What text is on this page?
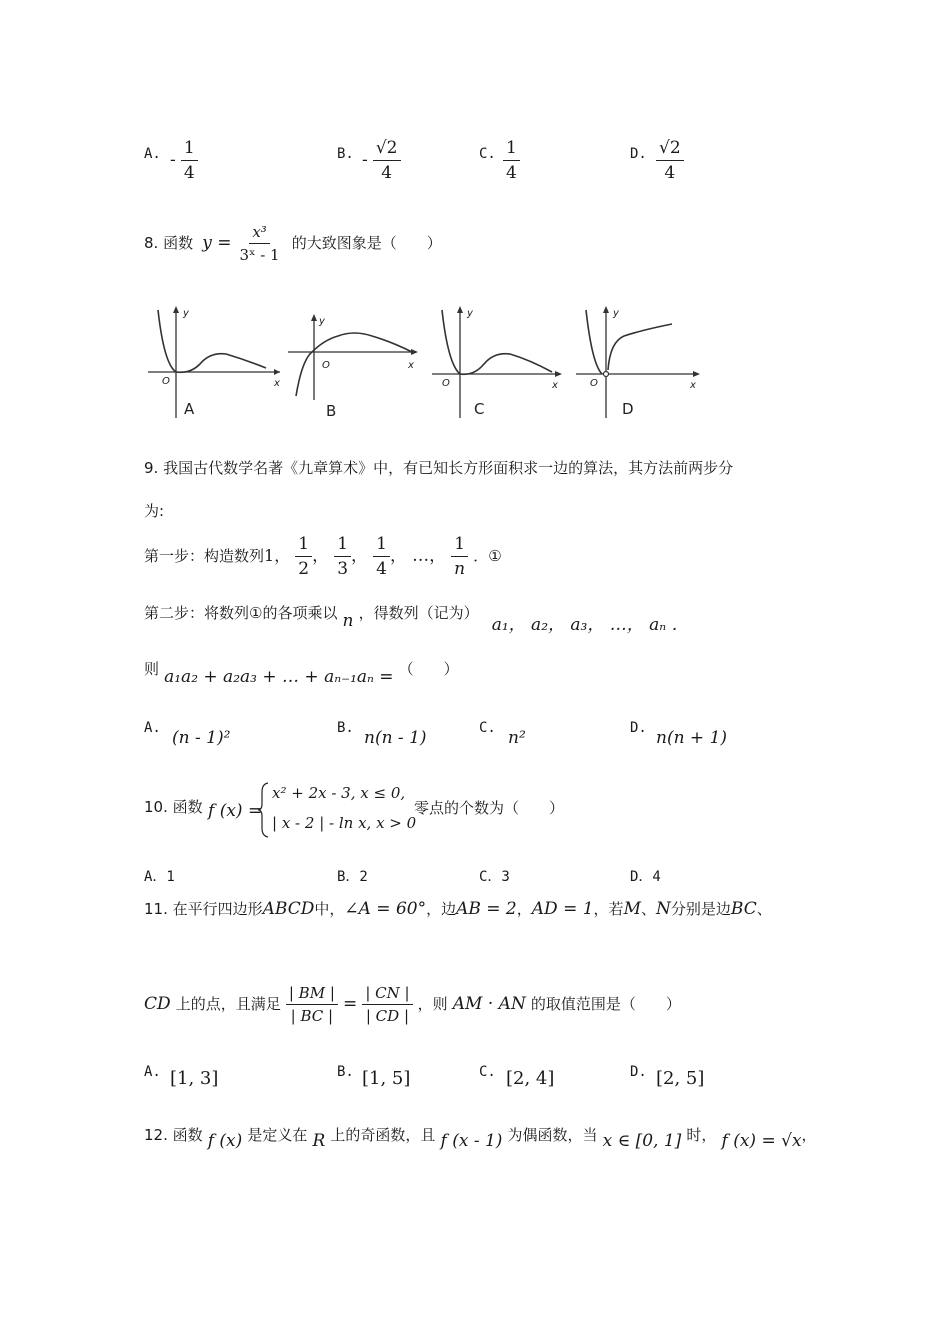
A. - $\frac{1}{4}$	B. - $\frac{√2}{4}$	C. $\frac{1}{4}$	D. $\frac{√2}{4}$
8. 函数 $y = \frac{\text{x³}}{\text{3ˣ - 1}}$ 的大致图象是（　　）
y
x
O
A
y
x
O
B
y
x
O
C
y
x
O
D
9. 我国古代数学名著《九章算术》中，有已知长方形面积求一边的算法，其方法前两步分
为:
第一步：构造数列1， $\frac{1}{2}$ ， $\frac{1}{3}$ ， $\frac{1}{4}$ ， …， $\frac{1}{n}$ ．①
第二步：将数列①的各项乘以 n ，得数列（记为） a₁， a₂， a₃， …， aₙ ．
则 a₁a₂ + a₂a₃ + … + aₙ₋₁aₙ = （　　）
A. (n - 1)²	B. n(n - 1)	C. n²	D. n(n + 1)
10. 函数 f (x) =
x² + 2x - 3, x ≤ 0,
| x - 2 | - ln x, x > 0
零点的个数为（　　）
A．1	B．2	C．3	D．4
11. 在平行四边形ABCD中，∠A = 60°，边AB = 2，AD = 1，若M、N分别是边BC、
CD 上的点，且满足 $\frac{| BM |}{| BC |} = \frac{| CN |}{| CD |}$ ，则 AM · AN 的取值范围是（　　）
A. [1, 3]	B. [1, 5]	C. [2, 4]	D. [2, 5]
12. 函数 f (x) 是定义在 R 上的奇函数，且 f (x - 1) 为偶函数，当 x ∈ [0, 1] 时， f (x) = √x，
